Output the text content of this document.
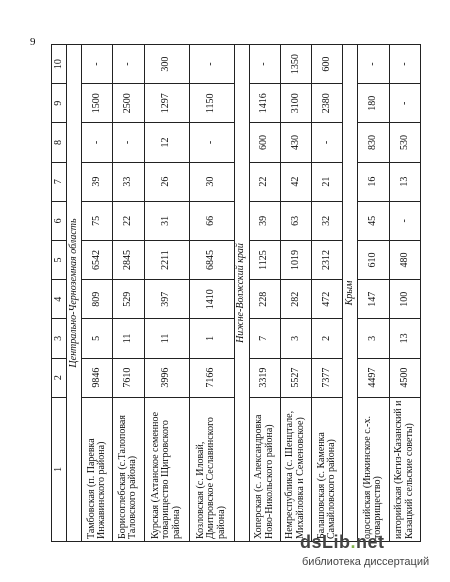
9
1	2	3	4	5	6	7	8	9	10
Центрально-Черноземная область									
Тамбовская (п. Паревка Инжавинского района)	9846	5	809	6542	75	39	-	1500	-
Борисоглебская (с.Талоповая Таловского района)	7610	11	529	2845	22	33	-	2500	-
Курская (Ахтанское семенное товарищество Щигровского района)	3996	11	397	2211	31	26	12	1297	300
Козловская (с. Иловай, Дмитровское Сеславинского района)	7166	1	1410	6845	66	30	-	1150	-
Нижне-Волжский край									
Хоперская (с. Александровка Ново-Никольского района)	3319	7	228	1125	39	22	600	1416	-
Немреспублика (с. Шенцтале, Михайловка и Семеновское)	5527	3	282	1019	63	42	430	3100	1350
Балашовская (с. Каменка Самайловского района)	7377	2	472	2312	32	21	-	2380	600
Крым									
одосийская (Инжинское с.-х. товарищество)	4497	3	147	610	45	16	830	180	-
иаторийская (Кегиз-Казанский и Казацкий сельские советы)	4500	13	100	480	-	13	530	-	-
dsLib.net
библиотека диссертаций
